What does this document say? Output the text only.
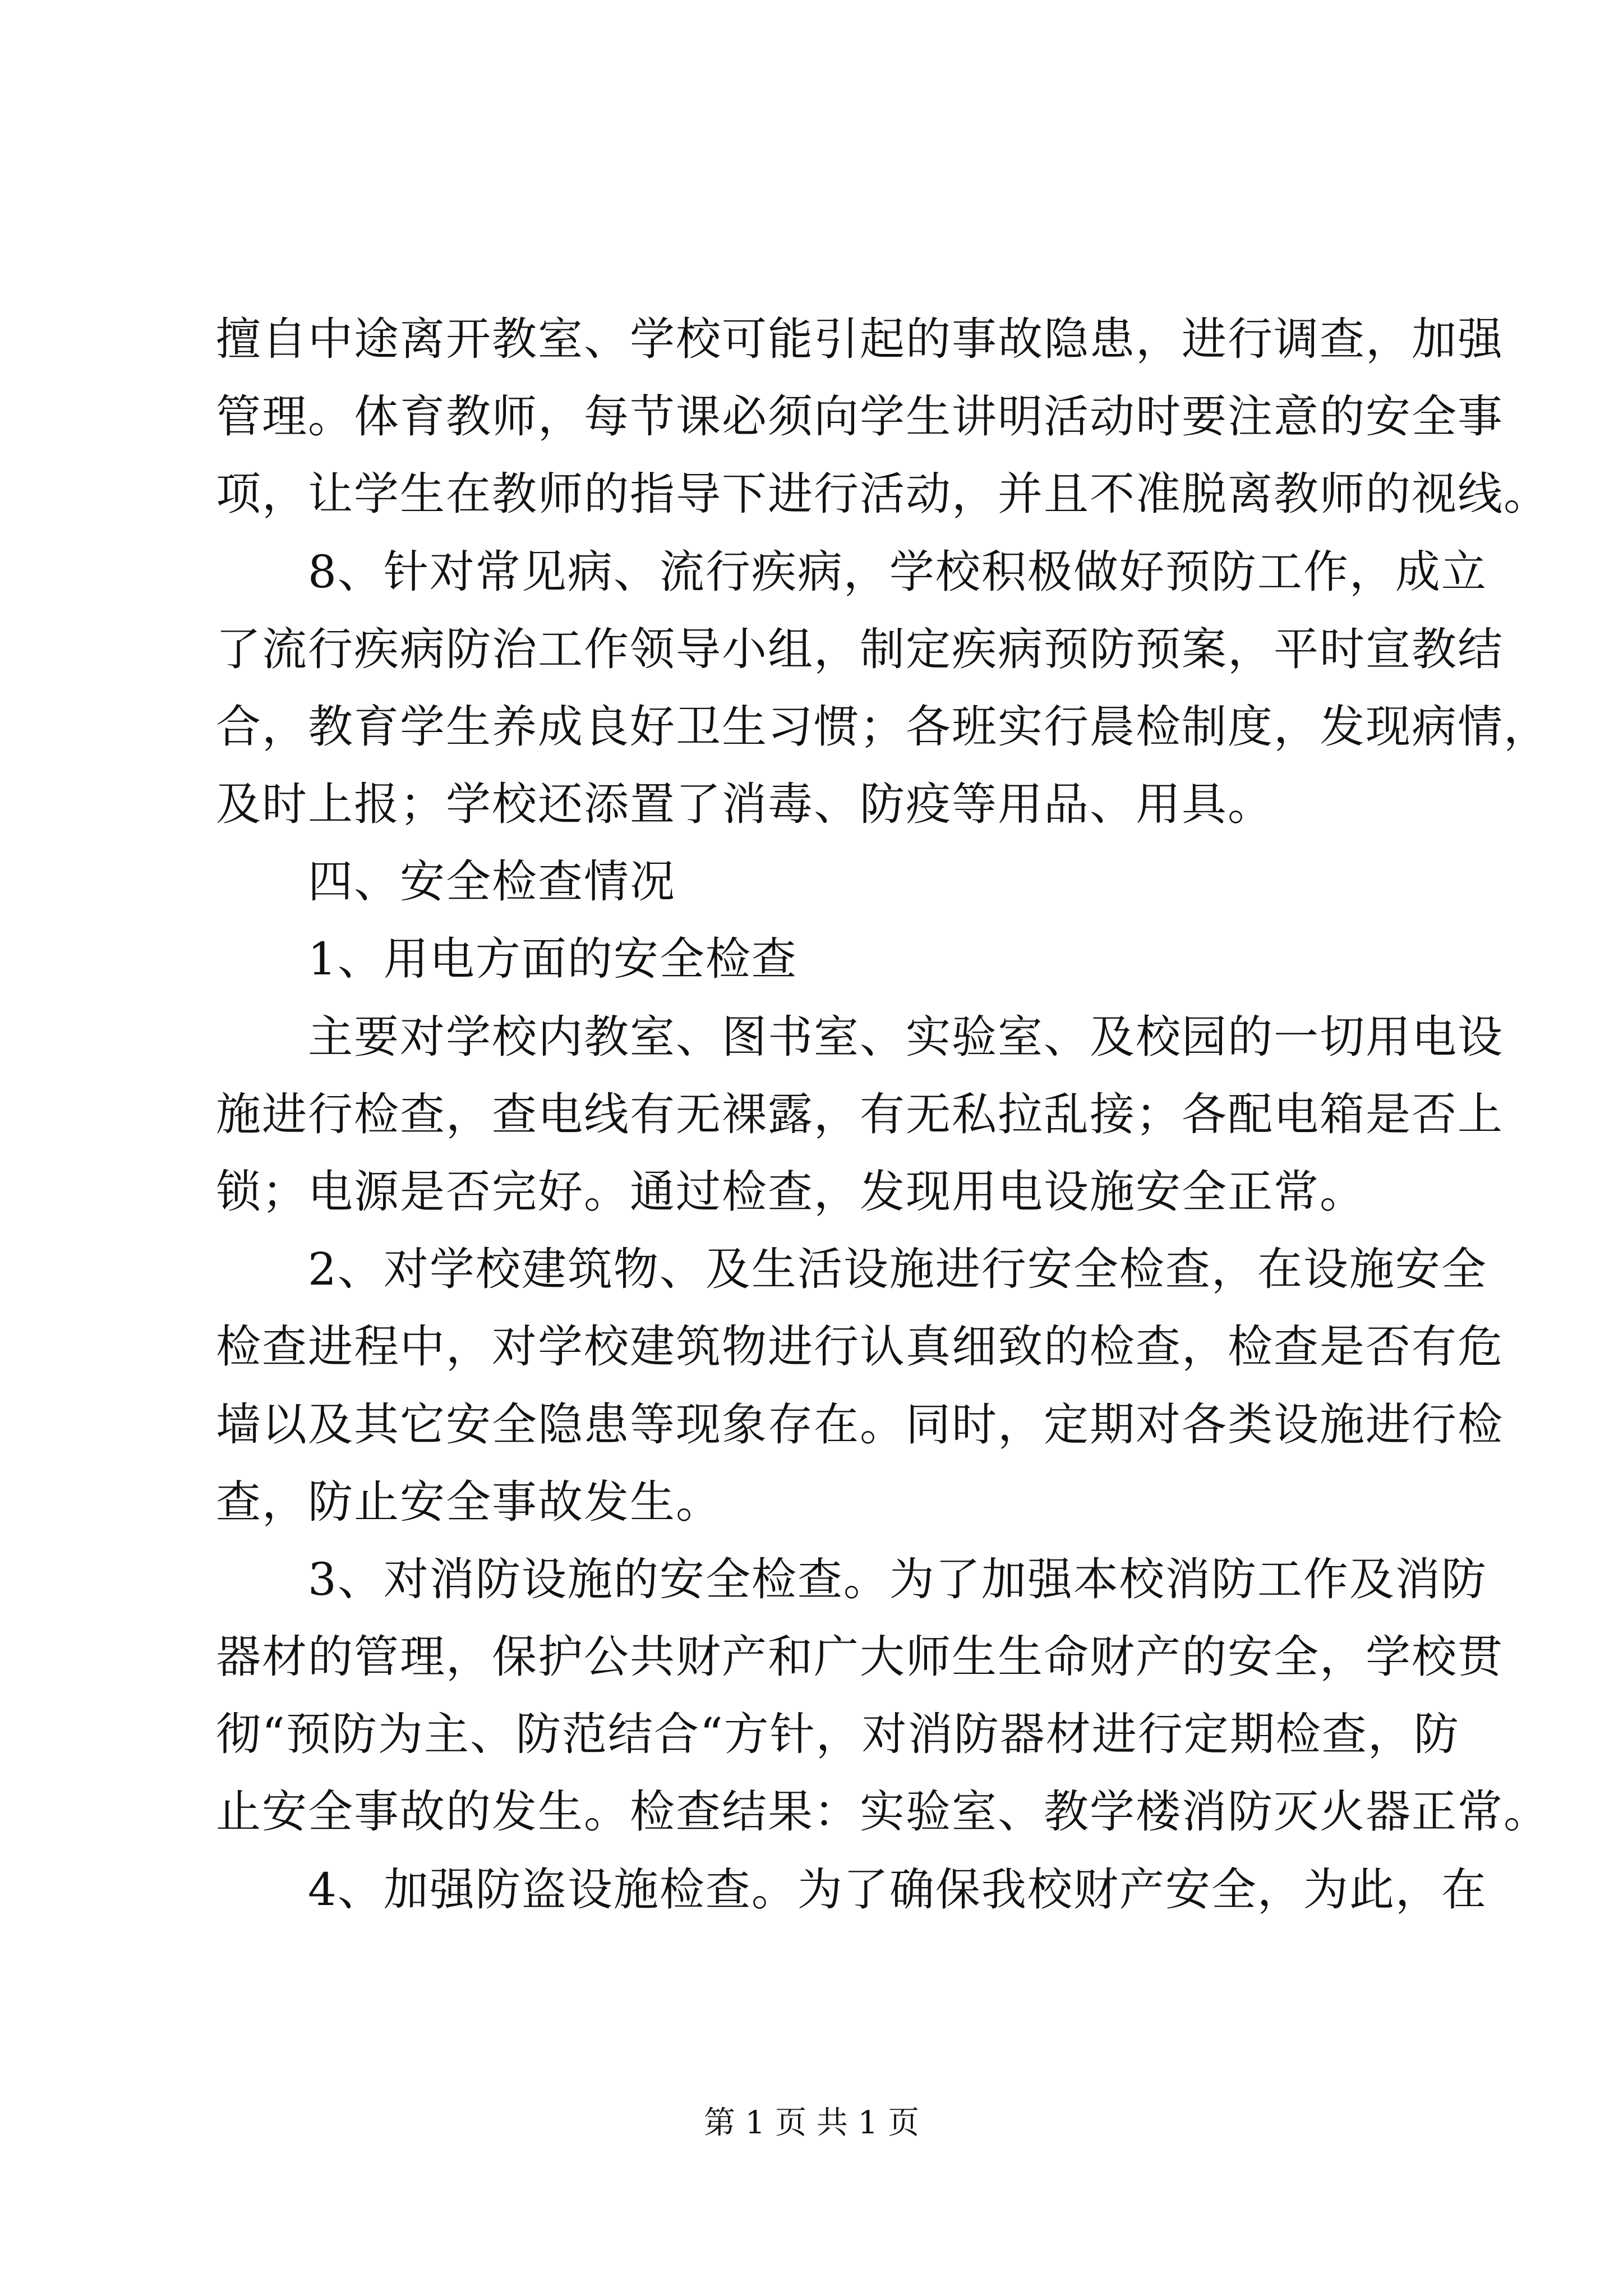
擅自中途离开教室、学校可能引起的事故隐患，进行调查，加强
管理。体育教师，每节课必须向学生讲明活动时要注意的安全事
项，让学生在教师的指导下进行活动，并且不准脱离教师的视线。
8、针对常见病、流行疾病，学校积极做好预防工作，成立
了流行疾病防治工作领导小组，制定疾病预防预案，平时宣教结
合，教育学生养成良好卫生习惯；各班实行晨检制度，发现病情，
及时上报；学校还添置了消毒、防疫等用品、用具。
四、安全检查情况
1、用电方面的安全检查
主要对学校内教室、图书室、实验室、及校园的一切用电设
施进行检查，查电线有无裸露，有无私拉乱接；各配电箱是否上
锁；电源是否完好。通过检查，发现用电设施安全正常。
2、对学校建筑物、及生活设施进行安全检查，在设施安全
检查进程中，对学校建筑物进行认真细致的检查，检查是否有危
墙以及其它安全隐患等现象存在。同时，定期对各类设施进行检
查，防止安全事故发生。
3、对消防设施的安全检查。为了加强本校消防工作及消防
器材的管理，保护公共财产和广大师生生命财产的安全，学校贯
彻“预防为主、防范结合“方针，对消防器材进行定期检查，防
止安全事故的发生。检查结果：实验室、教学楼消防灭火器正常。
4、加强防盗设施检查。为了确保我校财产安全，为此，在
第 1 页 共 1 页
